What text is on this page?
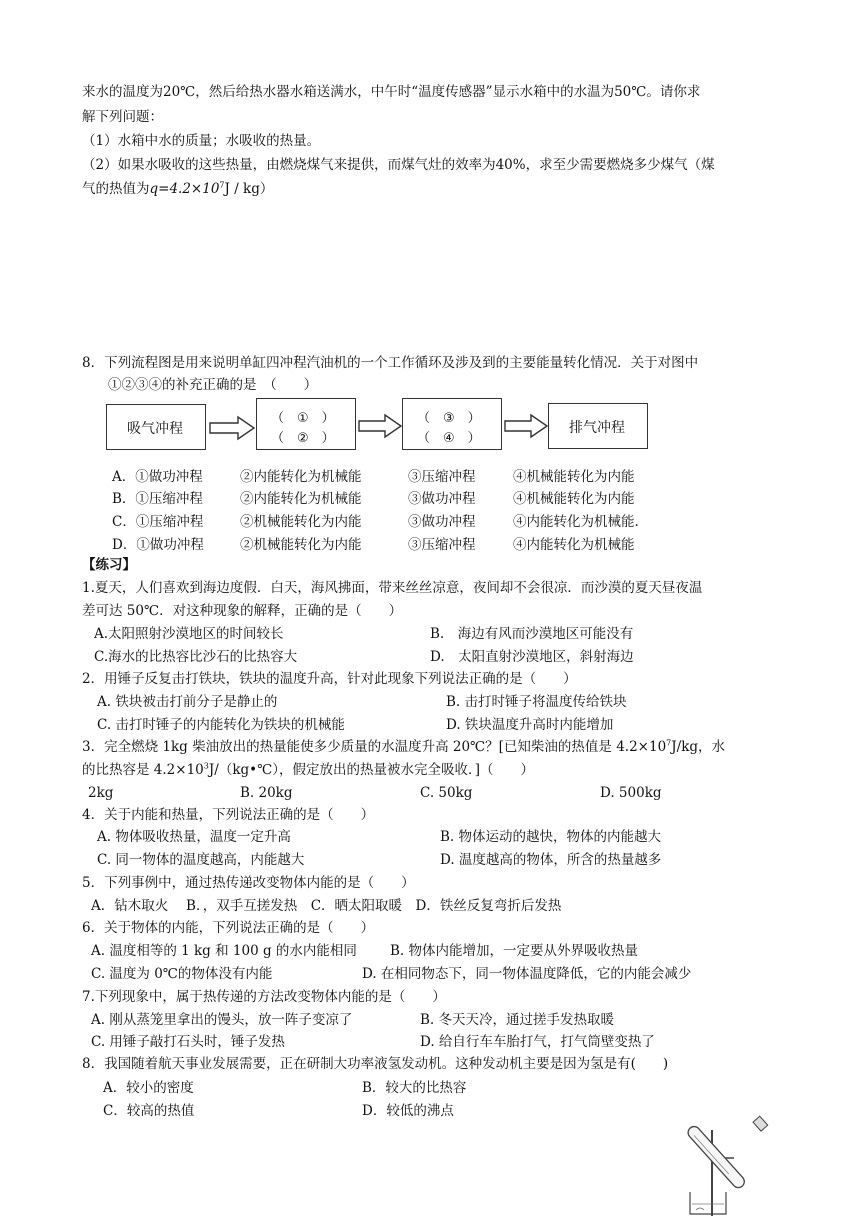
来水的温度为20℃，然后给热水器水箱送满水，中午时“温度传感器”显示水箱中的水温为50℃。请你求
解下列问题：
（1）水箱中水的质量；水吸收的热量。
（2）如果水吸收的这些热量，由燃烧煤气来提供，而煤气灶的效率为40%，求至少需要燃烧多少煤气（煤
气的热值为$q=4.2\times 10^7J / kg$）
8．下列流程图是用来说明单缸四冲程汽油机的一个工作循环及涉及到的主要能量转化情况．关于对图中
①②③④的补充正确的是　（　　）
吸气冲程
（　①　）
（　②　）
（　③　）
（　④　）
排气冲程
A．①做功冲程	②内能转化为机械能	③压缩冲程	④机械能转化为内能
B．①压缩冲程	②内能转化为机械能	③做功冲程	④机械能转化为内能
C．①压缩冲程	②机械能转化为内能	③做功冲程	④内能转化为机械能.
D．①做功冲程	②机械能转化为内能	③压缩冲程	④内能转化为机械能
【练习】
1.夏天，人们喜欢到海边度假．白天，海风拂面，带来丝丝凉意，夜间却不会很凉．而沙漠的夏天昼夜温
差可达 50℃．对这种现象的解释，正确的是（　　）
A.太阳照射沙漠地区的时间较长	B.　海边有风而沙漠地区可能没有
C.海水的比热容比沙石的比热容大	D.　太阳直射沙漠地区，斜射海边
2．用锤子反复击打铁块，铁块的温度升高，针对此现象下列说法正确的是（　　）
A. 铁块被击打前分子是静止的	B. 击打时锤子将温度传给铁块
C. 击打时锤子的内能转化为铁块的机械能	D. 铁块温度升高时内能增加
3．完全燃烧 1kg 柴油放出的热量能使多少质量的水温度升高 20℃？[已知柴油的热值是 $4.2\times 10^7J/kg$，水
的比热容是 $4.2\times 10^3J/(kg•℃)$，假定放出的热量被水完全吸收．]（　　）
2kg	B. 20kg	C. 50kg	D. 500kg
4．关于内能和热量，下列说法正确的是（　　）
A. 物体吸收热量，温度一定升高	B. 物体运动的越快，物体的内能越大
C. 同一物体的温度越高，内能越大	D. 温度越高的物体，所含的热量越多
5．下列事例中，通过热传递改变物体内能的是（　　）
A．钻木取火　 B．，双手互搓发热　C．晒太阳取暖　D．铁丝反复弯折后发热
6．关于物体的内能，下列说法正确的是（　　）
A. 温度相等的 1 kg 和 100 g 的水内能相同 B. 物体内能增加，一定要从外界吸收热量
C. 温度为 0℃的物体没有内能	D. 在相同物态下，同一物体温度降低，它的内能会减少
7.下列现象中，属于热传递的方法改变物体内能的是（　　）
A. 刚从蒸笼里拿出的馒头，放一阵子变凉了	B. 冬天天冷，通过搓手发热取暖
C. 用锤子敲打石头时，锤子发热	D. 给自行车车胎打气，打气筒壁变热了
8．我国随着航天事业发展需要，正在研制大功率液氢发动机。这种发动机主要是因为氢是有(　　)
A．较小的密度	B．较大的比热容
C．较高的热值	D．较低的沸点
